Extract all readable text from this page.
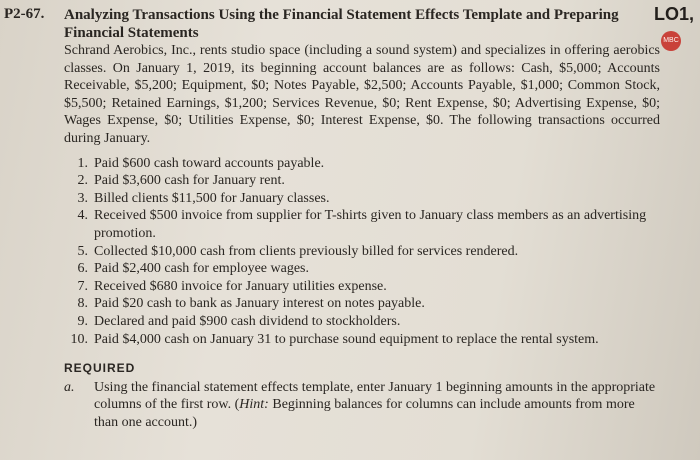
P2-67.	LO1,
MBC

Analyzing Transactions Using the Financial Statement Effects Template and Preparing Financial Statements

Schrand Aerobics, Inc., rents studio space (including a sound system) and specializes in offering aerobics classes. On January 1, 2019, its beginning account balances are as follows: Cash, $5,000; Accounts Receivable, $5,200; Equipment, $0; Notes Payable, $2,500; Accounts Payable, $1,000; Common Stock, $5,500; Retained Earnings, $1,200; Services Revenue, $0; Rent Expense, $0; Advertising Expense, $0; Wages Expense, $0; Utilities Expense, $0; Interest Expense, $0. The following transactions occurred during January.

1. Paid $600 cash toward accounts payable.
2. Paid $3,600 cash for January rent.
3. Billed clients $11,500 for January classes.
4. Received $500 invoice from supplier for T-shirts given to January class members as an advertising promotion.
5. Collected $10,000 cash from clients previously billed for services rendered.
6. Paid $2,400 cash for employee wages.
7. Received $680 invoice for January utilities expense.
8. Paid $20 cash to bank as January interest on notes payable.
9. Declared and paid $900 cash dividend to stockholders.
10. Paid $4,000 cash on January 31 to purchase sound equipment to replace the rental system.

REQUIRED

a.	Using the financial statement effects template, enter January 1 beginning amounts in the appropriate columns of the first row. (Hint: Beginning balances for columns can include amounts from more than one account.)
